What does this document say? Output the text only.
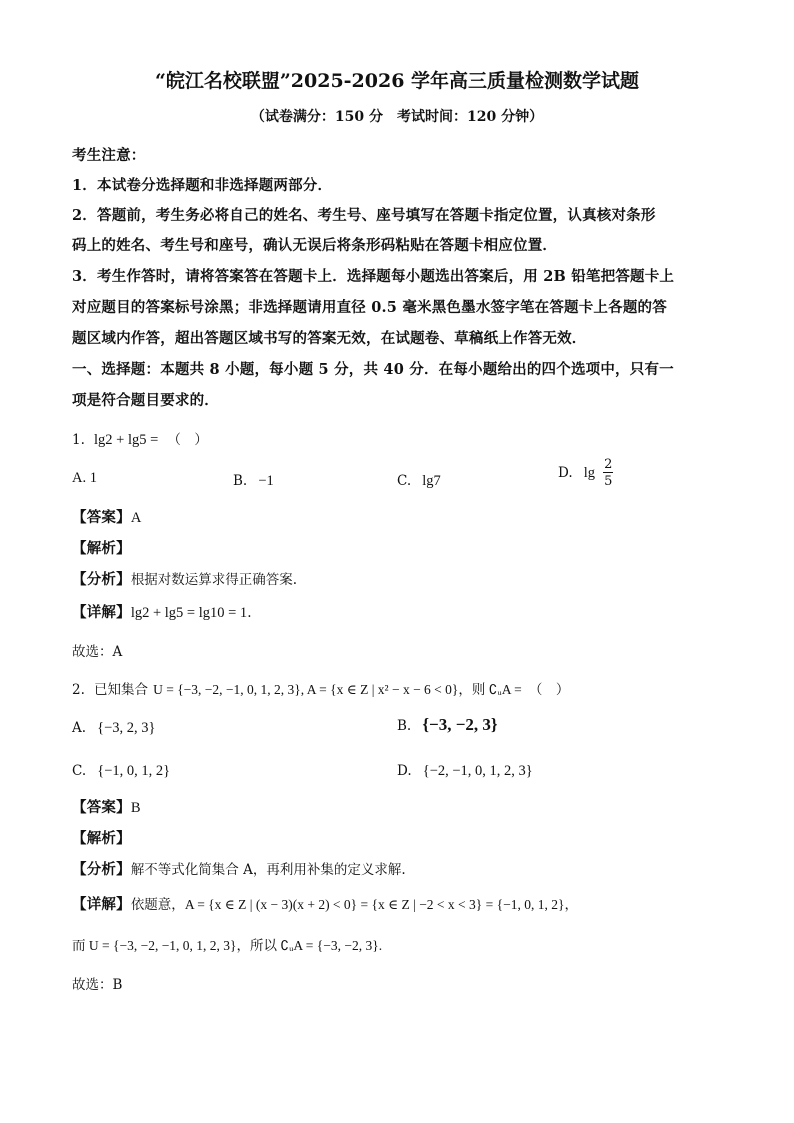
“皖江名校联盟”2025-2026 学年高三质量检测数学试题
（试卷满分：150 分　考试时间：120 分钟）
考生注意：
1．本试卷分选择题和非选择题两部分．
2．答题前，考生务必将自己的姓名、考生号、座号填写在答题卡指定位置，认真核对条形
码上的姓名、考生号和座号，确认无误后将条形码粘贴在答题卡相应位置．
3．考生作答时，请将答案答在答题卡上．选择题每小题选出答案后，用 2B 铅笔把答题卡上
对应题目的答案标号涂黑；非选择题请用直径 0.5 毫米黑色墨水签字笔在答题卡上各题的答
题区域内作答，超出答题区域书写的答案无效，在试题卷、草稿纸上作答无效．
一、选择题：本题共 8 小题，每小题 5 分，共 40 分．在每小题给出的四个选项中，只有一
项是符合题目要求的．
1. lg2 + lg5 = （　）
A. 1	B. −1	C. lg7	D. $\lg \frac{2}{5}$
【答案】A
【解析】
【分析】根据对数运算求得正确答案.
【详解】lg2 + lg5 = lg10 = 1.
故选：A
2. 已知集合 U = {−3, −2, −1, 0, 1, 2, 3}, A = {x ∈ Z | x² − x − 6 < 0}，则 ∁ᵤA = （　）
A. {−3, 2, 3}	B. {−3, −2, 3}
C. {−1, 0, 1, 2}	D. {−2, −1, 0, 1, 2, 3}
【答案】B
【解析】
【分析】解不等式化简集合 A，再利用补集的定义求解.
【详解】依题意，A = {x ∈ Z | (x − 3)(x + 2) < 0} = {x ∈ Z | −2 < x < 3} = {−1, 0, 1, 2}，
而 U = {−3, −2, −1, 0, 1, 2, 3}，所以 ∁ᵤA = {−3, −2, 3}.
故选：B
